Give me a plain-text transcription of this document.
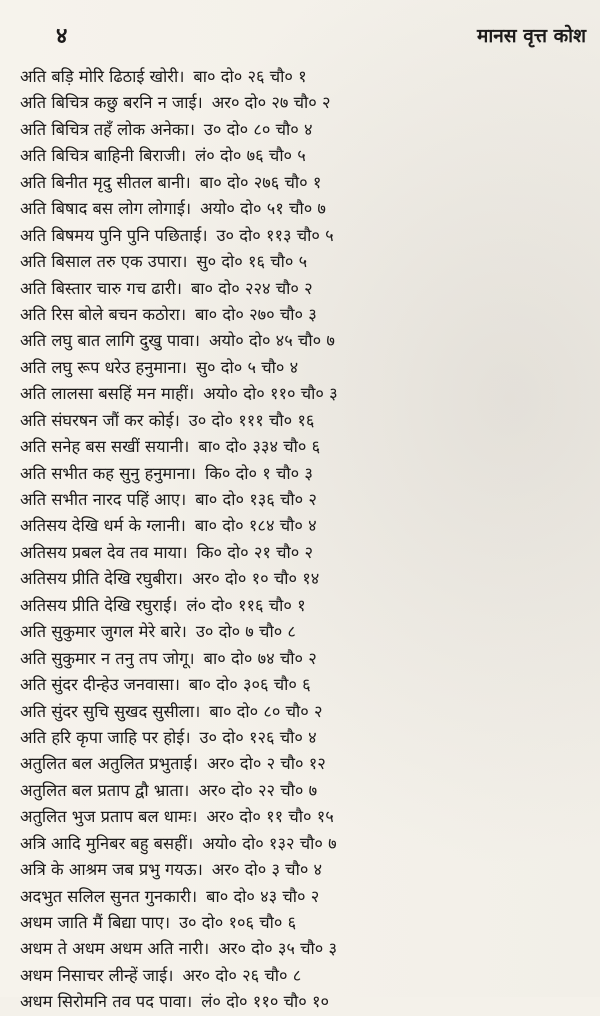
४	मानस वृत्त कोश
अति बड़ि मोरि ढिठाई खोरी। बा० दो० २६ चौ० १
अति बिचित्र कछु बरनि न जाई। अर० दो० २७ चौ० २
अति बिचित्र तहँ लोक अनेका। उ० दो० ८० चौ० ४
अति बिचित्र बाहिनी बिराजी। लं० दो० ७६ चौ० ५
अति बिनीत मृदु सीतल बानी। बा० दो० २७६ चौ० १
अति बिषाद बस लोग लोगाई। अयो० दो० ५१ चौ० ७
अति बिषमय पुनि पुनि पछिताई। उ० दो० ११३ चौ० ५
अति बिसाल तरु एक उपारा। सु० दो० १६ चौ० ५
अति बिस्तार चारु गच ढारी। बा० दो० २२४ चौ० २
अति रिस बोले बचन कठोरा। बा० दो० २७० चौ० ३
अति लघु बात लागि दुखु पावा। अयो० दो० ४५ चौ० ७
अति लघु रूप धरेउ हनुमाना। सु० दो० ५ चौ० ४
अति लालसा बसहिं मन माहीं। अयो० दो० ११० चौ० ३
अति संघरषन जौं कर कोई। उ० दो० १११ चौ० १६
अति सनेह बस सखीं सयानी। बा० दो० ३३४ चौ० ६
अति सभीत कह सुनु हनुमाना। कि० दो० १ चौ० ३
अति सभीत नारद पहिं आए। बा० दो० १३६ चौ० २
अतिसय देखि धर्म के ग्लानी। बा० दो० १८४ चौ० ४
अतिसय प्रबल देव तव माया। कि० दो० २१ चौ० २
अतिसय प्रीति देखि रघुबीरा। अर० दो० १० चौ० १४
अतिसय प्रीति देखि रघुराई। लं० दो० ११६ चौ० १
अति सुकुमार जुगल मेरे बारे। उ० दो० ७ चौ० ८
अति सुकुमार न तनु तप जोगू। बा० दो० ७४ चौ० २
अति सुंदर दीन्हेउ जनवासा। बा० दो० ३०६ चौ० ६
अति सुंदर सुचि सुखद सुसीला। बा० दो० ८० चौ० २
अति हरि कृपा जाहि पर होई। उ० दो० १२६ चौ० ४
अतुलित बल अतुलित प्रभुताई। अर० दो० २ चौ० १२
अतुलित बल प्रताप द्वौ भ्राता। अर० दो० २२ चौ० ७
अतुलित भुज प्रताप बल धामः। अर० दो० ११ चौ० १५
अत्रि आदि मुनिबर बहु बसहीं। अयो० दो० १३२ चौ० ७
अत्रि के आश्रम जब प्रभु गयऊ। अर० दो० ३ चौ० ४
अदभुत सलिल सुनत गुनकारी। बा० दो० ४३ चौ० २
अधम जाति मैं बिद्या पाए। उ० दो० १०६ चौ० ६
अधम ते अधम अधम अति नारी। अर० दो० ३५ चौ० ३
अधम निसाचर लीन्हें जाई। अर० दो० २६ चौ० ८
अधम सिरोमनि तव पद पावा। लं० दो० ११० चौ० १०
